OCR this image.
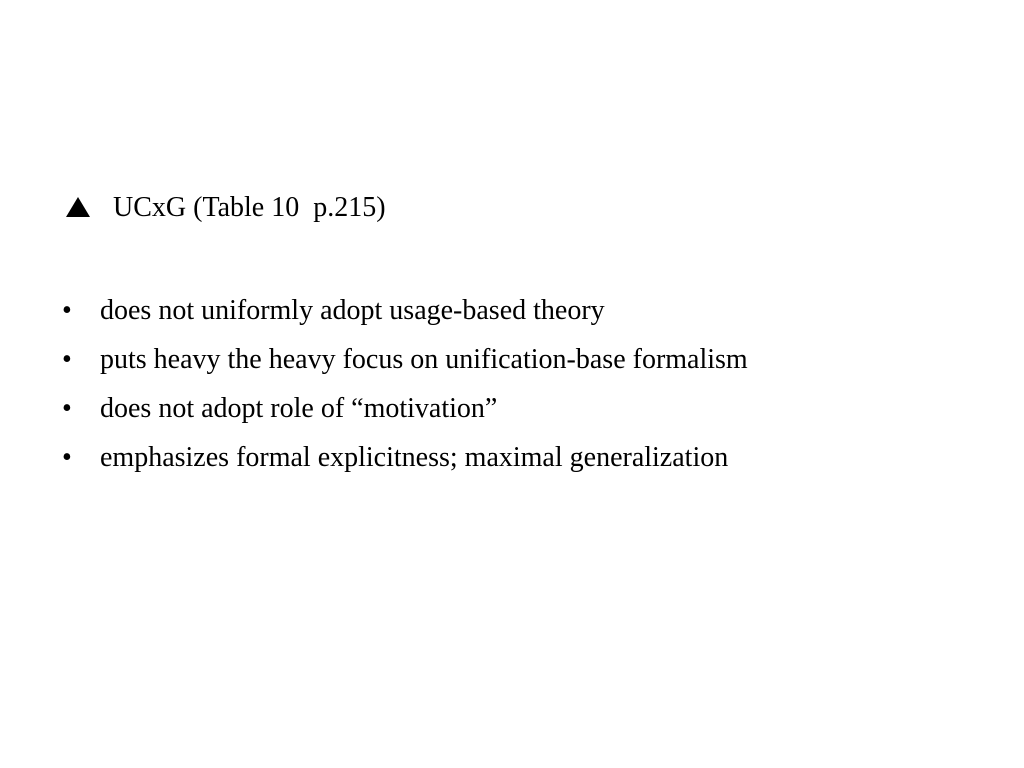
UCxG (Table 10  p.215)
•	does not uniformly adopt usage-based theory
•	puts heavy the heavy focus on unification-base formalism
•	does not adopt role of “motivation”
•	emphasizes formal explicitness; maximal generalization
